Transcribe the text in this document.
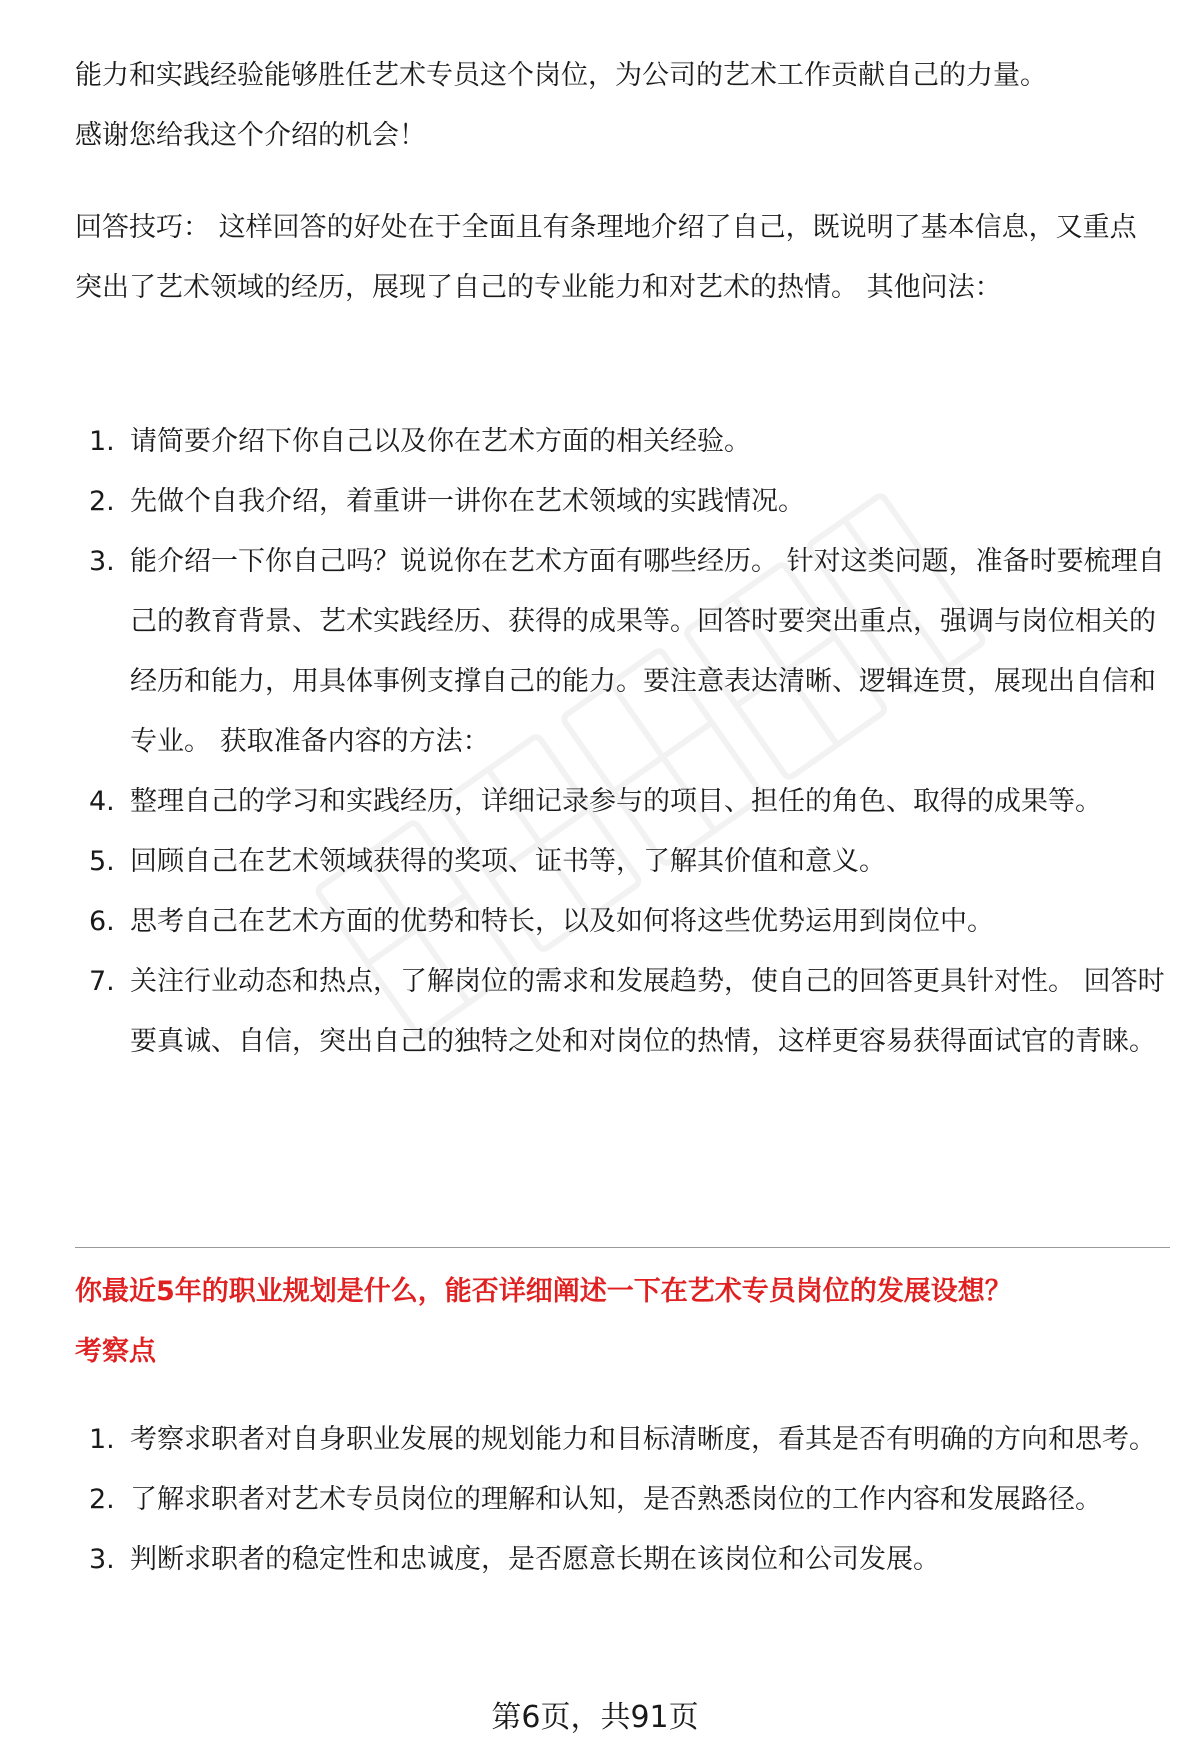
能力和实践经验能够胜任艺术专员这个岗位，为公司的艺术工作贡献自己的力量。
感谢您给我这个介绍的机会！

回答技巧： 这样回答的好处在于全面且有条理地介绍了自己，既说明了基本信息，又重点突出了艺术领域的经历，展现了自己的专业能力和对艺术的热情。 其他问法：

1. 请简要介绍下你自己以及你在艺术方面的相关经验。
2. 先做个自我介绍，着重讲一讲你在艺术领域的实践情况。
3. 能介绍一下你自己吗？说说你在艺术方面有哪些经历。 针对这类问题，准备时要梳理自己的教育背景、艺术实践经历、获得的成果等。回答时要突出重点，强调与岗位相关的经历和能力，用具体事例支撑自己的能力。要注意表达清晰、逻辑连贯，展现出自信和专业。 获取准备内容的方法：
4. 整理自己的学习和实践经历，详细记录参与的项目、担任的角色、取得的成果等。
5. 回顾自己在艺术领域获得的奖项、证书等，了解其价值和意义。
6. 思考自己在艺术方面的优势和特长，以及如何将这些优势运用到岗位中。
7. 关注行业动态和热点，了解岗位的需求和发展趋势，使自己的回答更具针对性。 回答时要真诚、自信，突出自己的独特之处和对岗位的热情，这样更容易获得面试官的青睐。

你最近5年的职业规划是什么，能否详细阐述一下在艺术专员岗位的发展设想？

考察点

1. 考察求职者对自身职业发展的规划能力和目标清晰度，看其是否有明确的方向和思考。
2. 了解求职者对艺术专员岗位的理解和认知，是否熟悉岗位的工作内容和发展路径。
3. 判断求职者的稳定性和忠诚度，是否愿意长期在该岗位和公司发展。
第6页，共91页
